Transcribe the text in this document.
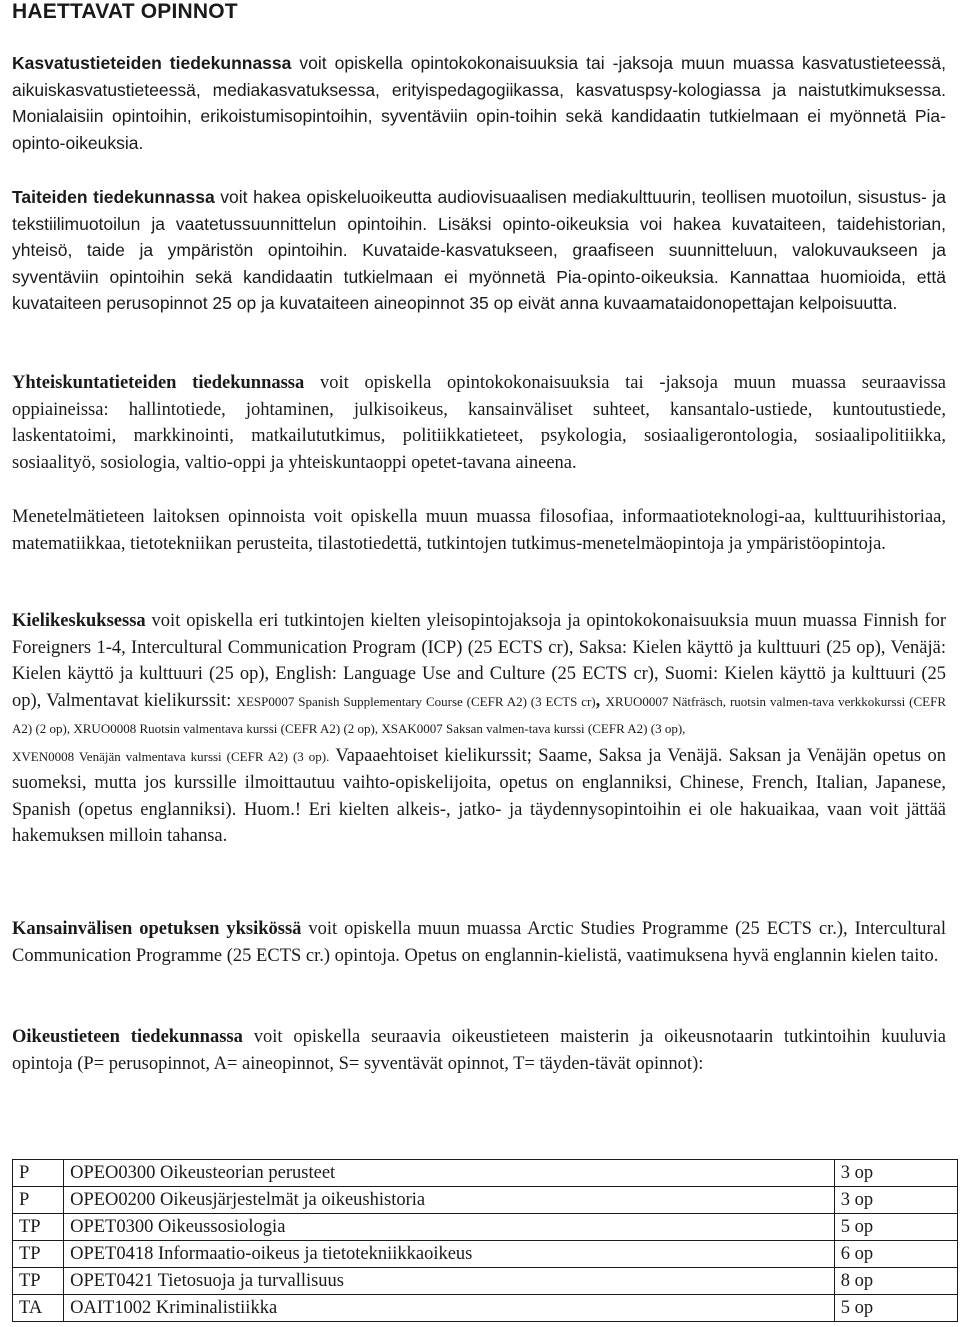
HAETTAVAT OPINNOT

Kasvatustieteiden tiedekunnassa voit opiskella opintokokonaisuuksia tai -jaksoja muun muassa kasvatustieteessä, aikuiskasvatustieteessä, mediakasvatuksessa, erityispedagogiikassa, kasvatuspsy-kologiassa ja naistutkimuksessa. Monialaisiin opintoihin, erikoistumisopintoihin, syventäviin opin-toihin sekä kandidaatin tutkielmaan ei myönnetä Pia-opinto-oikeuksia.

Taiteiden tiedekunnassa voit hakea opiskeluoikeutta audiovisuaalisen mediakulttuurin, teollisen muotoilun, sisustus- ja tekstiilimuotoilun ja vaatetussuunnittelun opintoihin. Lisäksi opinto-oikeuksia voi hakea kuvataiteen, taidehistorian, yhteisö, taide ja ympäristön opintoihin. Kuvataide-kasvatukseen, graafiseen suunnitteluun, valokuvaukseen ja syventäviin opintoihin sekä kandidaatin tutkielmaan ei myönnetä Pia-opinto-oikeuksia. Kannattaa huomioida, että kuvataiteen perusopinnot 25 op ja kuvataiteen aineopinnot 35 op eivät anna kuvaamataidonopettajan kelpoisuutta.

Yhteiskuntatieteiden tiedekunnassa voit opiskella opintokokonaisuuksia tai -jaksoja muun muassa seuraavissa oppiaineissa: hallintotiede, johtaminen, julkisoikeus, kansainväliset suhteet, kansantalo-ustiede, kuntoutustiede, laskentatoimi, markkinointi, matkailututkimus, politiikkatieteet, psykologia, sosiaaligerontologia, sosiaalipolitiikka, sosiaalityö, sosiologia, valtio-oppi ja yhteiskuntaoppi opetet-tavana aineena.

Menetelmätieteen laitoksen opinnoista voit opiskella muun muassa filosofiaa, informaatioteknologi-aa, kulttuurihistoriaa, matematiikkaa, tietotekniikan perusteita, tilastotiedettä, tutkintojen tutkimus-menetelmäopintoja ja ympäristöopintoja.

Kielikeskuksessa voit opiskella eri tutkintojen kielten yleisopintojaksoja ja opintokokonaisuuksia muun muassa Finnish for Foreigners 1-4, Intercultural Communication Program (ICP) (25 ECTS cr), Saksa: Kielen käyttö ja kulttuuri (25 op), Venäjä: Kielen käyttö ja kulttuuri (25 op), English: Language Use and Culture (25 ECTS cr), Suomi: Kielen käyttö ja kulttuuri (25 op), Valmentavat kielikurssit: XESP0007 Spanish Supplementary Course (CEFR A2) (3 ECTS cr), XRUO0007 Nätfräsch, ruotsin valmen-tava verkkokurssi (CEFR A2) (2 op), XRUO0008 Ruotsin valmentava kurssi (CEFR A2) (2 op), XSAK0007 Saksan valmen-tava kurssi (CEFR A2) (3 op),
XVEN0008 Venäjän valmentava kurssi (CEFR A2) (3 op). Vapaaehtoiset kielikurssit; Saame, Saksa ja Venäjä. Saksan ja Venäjän opetus on suomeksi, mutta jos kurssille ilmoittautuu vaihto-opiskelijoita, opetus on englanniksi, Chinese, French, Italian, Japanese, Spanish (opetus englanniksi). Huom.! Eri kielten alkeis-, jatko- ja täydennysopintoihin ei ole hakuaikaa, vaan voit jättää hakemuksen milloin tahansa.

Kansainvälisen opetuksen yksikössä voit opiskella muun muassa Arctic Studies Programme (25 ECTS cr.), Intercultural Communication Programme (25 ECTS cr.) opintoja. Opetus on englannin-kielistä, vaatimuksena hyvä englannin kielen taito.

Oikeustieteen tiedekunnassa voit opiskella seuraavia oikeustieteen maisterin ja oikeusnotaarin tutkintoihin kuuluvia opintoja (P= perusopinnot, A= aineopinnot, S= syventävät opinnot, T= täyden-tävät opinnot):

P	OPEO0300 Oikeusteorian perusteet	3 op
P	OPEO0200 Oikeusjärjestelmät ja oikeushistoria	3 op
TP	OPET0300 Oikeussosiologia	5 op
TP	OPET0418 Informaatio-oikeus ja tietotekniikkaoikeus	6 op
TP	OPET0421 Tietosuoja ja turvallisuus	8 op
TA	OAIT1002 Kriminalistiikka	5 op
